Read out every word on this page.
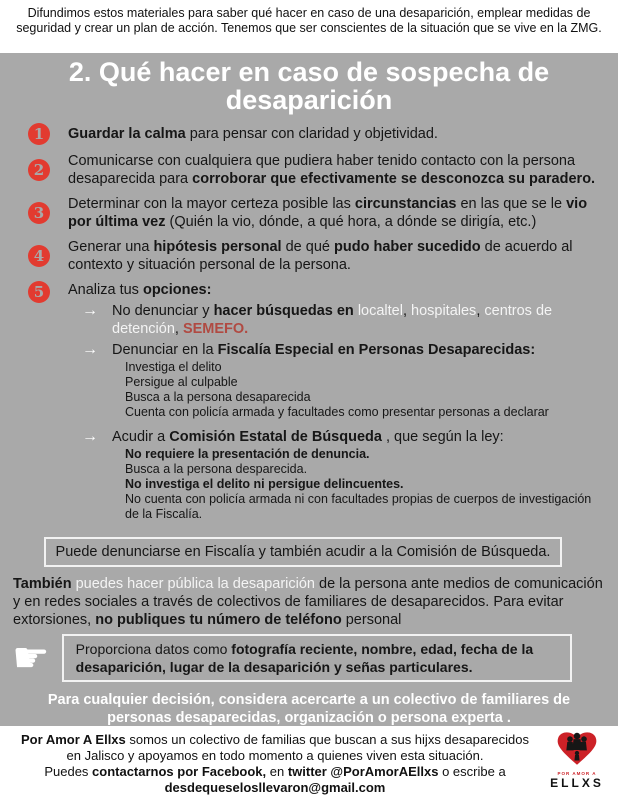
Difundimos estos materiales para saber qué hacer en caso de una desaparición, emplear medidas de seguridad y crear un plan de acción. Tenemos que ser conscientes de la situación que se vive en la ZMG.
2. Qué hacer en caso de sospecha de desaparición
1	Guardar la calma para pensar con claridad y objetividad.

2	Comunicarse con cualquiera que pudiera haber tenido contacto con la persona desaparecida para corroborar que efectivamente se desconozca su paradero.

3	Determinar con la mayor certeza posible las circunstancias en las que se le vio por última vez (Quién la vio, dónde, a qué hora, a dónde se dirigía, etc.)

4	Generar una hipótesis personal de qué pudo haber sucedido de acuerdo al contexto y situación personal de la persona.

5	Analiza tus opciones:

→ No denunciar y hacer búsquedas en localtel, hospitales, centros de detención, SEMEFO.

→ Denunciar en la Fiscalía Especial en Personas Desaparecidas:

Investiga el delito
Persigue al culpable
Busca a la persona desaparecida
Cuenta con policía armada y facultades como presentar personas a declarar
→ Acudir a Comisión Estatal de Búsqueda , que según la ley:

No requiere la presentación de denuncia.
Busca a la persona desparecida.
No investiga el delito ni persigue delincuentes.
No cuenta con policía armada ni con facultades propias de cuerpos de investigación de la Fiscalía.
Puede denunciarse en Fiscalía y también acudir a la Comisión de Búsqueda.

También puedes hacer pública la desaparición de la persona ante medios de comunicación y en redes sociales a través de colectivos de familiares de desaparecidos. Para evitar extorsiones, no publiques tu número de teléfono personal

☛	Proporciona datos como fotografía reciente, nombre, edad, fecha de la desaparición, lugar de la desaparición y señas particulares.

Para cualquier decisión, considera acercarte a un colectivo de familiares de personas desaparecidas, organización o persona experta .

Por Amor A Ellxs somos un colectivo de familias que buscan a sus hijxs desaparecidos en Jalisco y apoyamos en todo momento a quienes viven esta situación.

Puedes contactarnos por Facebook, en twitter @PorAmorAEllxs o escribe a desdequeselosllevaron@gmail.com

POR AMOR A
ELLXS
